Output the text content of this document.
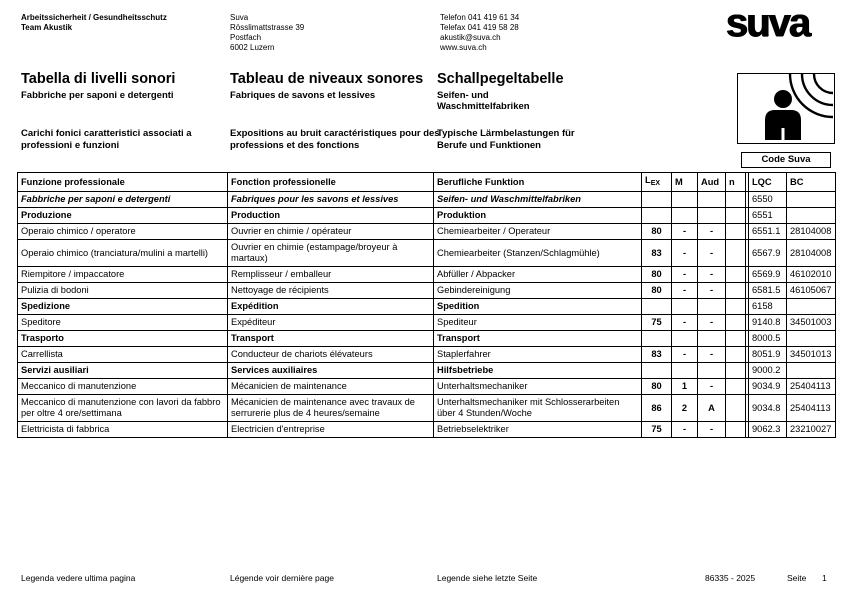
Arbeitssicherheit / Gesundheitsschutz
Team Akustik
Suva
Rösslimattstrasse 39
Postfach
6002 Luzern
Telefon 041 419 61 34
Telefax 041 419 58 28
akustik@suva.ch
www.suva.ch
suva
Tabella di livelli sonori
Fabbriche per saponi e detergenti
Tableau de niveaux sonores
Fabriques de savons et lessives
Schallpegeltabelle
Seifen- und
Waschmittelfabriken
Carichi fonici caratteristici associati a professioni e funzioni
Expositions au bruit caractéristiques pour des professions et des fonctions
Typische Lärmbelastungen für Berufe und Funktionen
Code Suva
Funzione professionale	Fonction professionelle	Berufliche Funktion	$L_{EX}$	M	Aud	n		LQC	BC
Fabbriche per saponi e detergenti	Fabriques pour les savons et lessives	Seifen- und Waschmittelfabriken						6550	
Produzione	Production	Produktion						6551	
Operaio chimico / operatore	Ouvrier en chimie / opérateur	Chemiearbeiter / Operateur	80	-	-			6551.1	28104008
Operaio chimico (tranciatura/mulini a martelli)	Ouvrier en chimie (estampage/broyeur à martaux)	Chemiearbeiter (Stanzen/Schlagmühle)	83	-	-			6567.9	28104008
Riempitore / impaccatore	Remplisseur / emballeur	Abfüller / Abpacker	80	-	-			6569.9	46102010
Pulizia di bodoni	Nettoyage de récipients	Gebindereinigung	80	-	-			6581.5	46105067
Spedizione	Expédition	Spedition						6158	
Speditore	Expéditeur	Spediteur	75	-	-			9140.8	34501003
Trasporto	Transport	Transport						8000.5	
Carrellista	Conducteur de chariots élévateurs	Staplerfahrer	83	-	-			8051.9	34501013
Servizi ausiliari	Services auxiliaires	Hilfsbetriebe						9000.2	
Meccanico di manutenzione	Mécanicien de maintenance	Unterhaltsmechaniker	80	1	-			9034.9	25404113
Meccanico di manutenzione con lavori da fabbro per oltre 4 ore/settimana	Mécanicien de maintenance avec travaux de serrurerie plus de 4 heures/semaine	Unterhaltsmechaniker mit Schlosserarbeiten über 4 Stunden/Woche	86	2	A			9034.8	25404113
Elettricista di fabbrica	Electricien d'entreprise	Betriebselektriker	75	-	-			9062.3	23210027
Legenda vedere ultima pagina	Légende voir dernière page	Legende siehe letzte Seite	86335 - 2025	Seite 1
